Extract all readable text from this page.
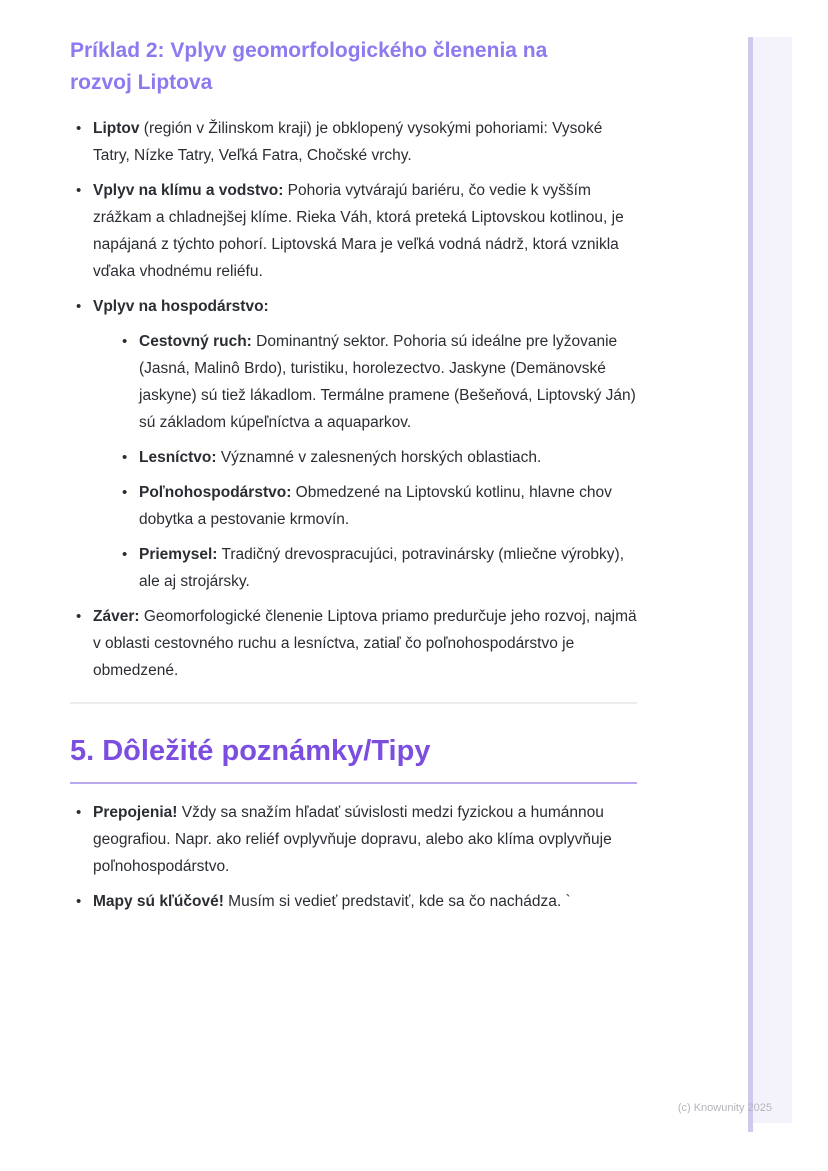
Príklad 2: Vplyv geomorfologického členenia na rozvoj Liptova
• Liptov (región v Žilinskom kraji) je obklopený vysokými pohoriami: Vysoké Tatry, Nízke Tatry, Veľká Fatra, Chočské vrchy.
• Vplyv na klímu a vodstvo: Pohoria vytvárajú bariéru, čo vedie k vyšším zrážkam a chladnejšej klíme. Rieka Váh, ktorá preteká Liptovskou kotlinou, je napájaná z týchto pohorí. Liptovská Mara je veľká vodná nádrž, ktorá vznikla vďaka vhodnému reliéfu.
• Vplyv na hospodárstvo:
• Cestovný ruch: Dominantný sektor. Pohoria sú ideálne pre lyžovanie (Jasná, Malinô Brdo), turistiku, horolezectvo. Jaskyne (Demänovské jaskyne) sú tiež lákadlom. Termálne pramene (Bešeňová, Liptovský Ján) sú základom kúpeľníctva a aquaparkov.
• Lesníctvo: Významné v zalesnených horských oblastiach.
• Poľnohospodárstvo: Obmedzené na Liptovskú kotlinu, hlavne chov dobytka a pestovanie krmovín.
• Priemysel: Tradičný drevospracujúci, potravinársky (mliečne výrobky), ale aj strojársky.
• Záver: Geomorfologické členenie Liptova priamo predurčuje jeho rozvoj, najmä v oblasti cestovného ruchu a lesníctva, zatiaľ čo poľnohospodárstvo je obmedzené.
5. Dôležité poznámky/Tipy
• Prepojenia! Vždy sa snažím hľadať súvislosti medzi fyzickou a humánnou geografiou. Napr. ako reliéf ovplyvňuje dopravu, alebo ako klíma ovplyvňuje poľnohospodárstvo.
• Mapy sú kľúčové! Musím si vedieť predstaviť, kde sa čo nachádza. `
(c) Knowunity 2025
